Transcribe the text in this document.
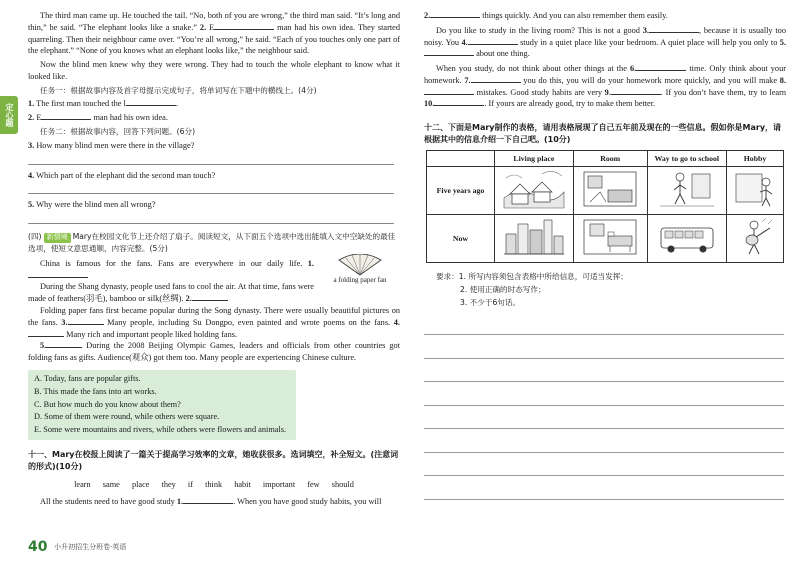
定心题

The third man came up. He touched the tail. “No, both of you are wrong,” the third man said. “It’s long and thin,” he said. “The elephant looks like a snake.” 2. E	man had his own idea. They started quarreling. Then their neighbour came over. “You’re all wrong,” he said. “Each of you touches only one part of the elephant.” “None of you knows what an elephant looks like,” the neighbour said.

Now the blind men knew why they were wrong. They had to touch the whole elephant to know what it looked like.

任务一：根据故事内容及首字母提示完成句子，将单词写在下题中的横线上。(4分)
1. The first man touched the l	.
2. E	man had his own idea.
任务二：根据故事内容，回答下列问题。(6分)
3. How many blind men were there in the village?
4. Which part of the elephant did the second man touch?
5. Why were the blind men all wrong?
(四) 新情境 Mary在校园文化节上还介绍了扇子。阅读短文，从下面五个选项中选出能填入文中空缺处的最佳选项，使短文意思通顺、内容完整。(5分)
a folding paper fan

China is famous for the fans. Fans are everywhere in our daily life. 1.

During the Shang dynasty, people used fans to cool the air. At that time, fans were made of feathers(羽毛), bamboo or silk(丝绸). 2.

Folding paper fans first became popular during the Song dynasty. There were usually beautiful pictures on the fans. 3.	Many people, including Su Dongpo, even painted and wrote poems on the fans. 4. Many rich and important people liked holding fans.

5.	During the 2008 Beijing Olympic Games, leaders and officials from other countries got folding fans as gifts. Audience(观众) got them too. Many people are experiencing Chinese culture.

A. Today, fans are popular gifts.
B. This made the fans into art works.
C. But how much do you know about them?
D. Some of them were round, while others were square.
E. Some were mountains and rivers, while others were flowers and animals.
十一、Mary在校报上阅读了一篇关于提高学习效率的文章，她收获很多。选词填空，补全短文。(注意词的形式)(10分)
learn same place they if think habit important few should

All the students need to have good study 1.	. When you have good study habits, you will

40 小升初招生分班卷·英语

2.	things quickly. And you can also remember them easily.

Do you like to study in the living room? This is not a good 3.	, because it is usually too noisy. You 4.	study in a quiet place like your bedroom. A quiet place will help you only to 5. about one thing.

When you study, do not think about other things at the 6.	time. Only think about your homework. 7.	you do this, you will do your homework more quickly, and you will make 8. mistakes. Good study habits are very 9.	. If you don’t have them, try to learn 10.	. If yours are already good, try to make them better.

十二、下面是Mary制作的表格，请用表格展现了自己五年前及现在的一些信息。假如你是Mary，请根据其中的信息介绍一下自己吧。(10分)
	Living place	Room	Way to go to school	Hobby
Five years ago				
Now				
要求：1. 所写内容须包含表格中所给信息，可适当发挥；
2. 使用正确的时态写作；
3. 不少于6句话。
